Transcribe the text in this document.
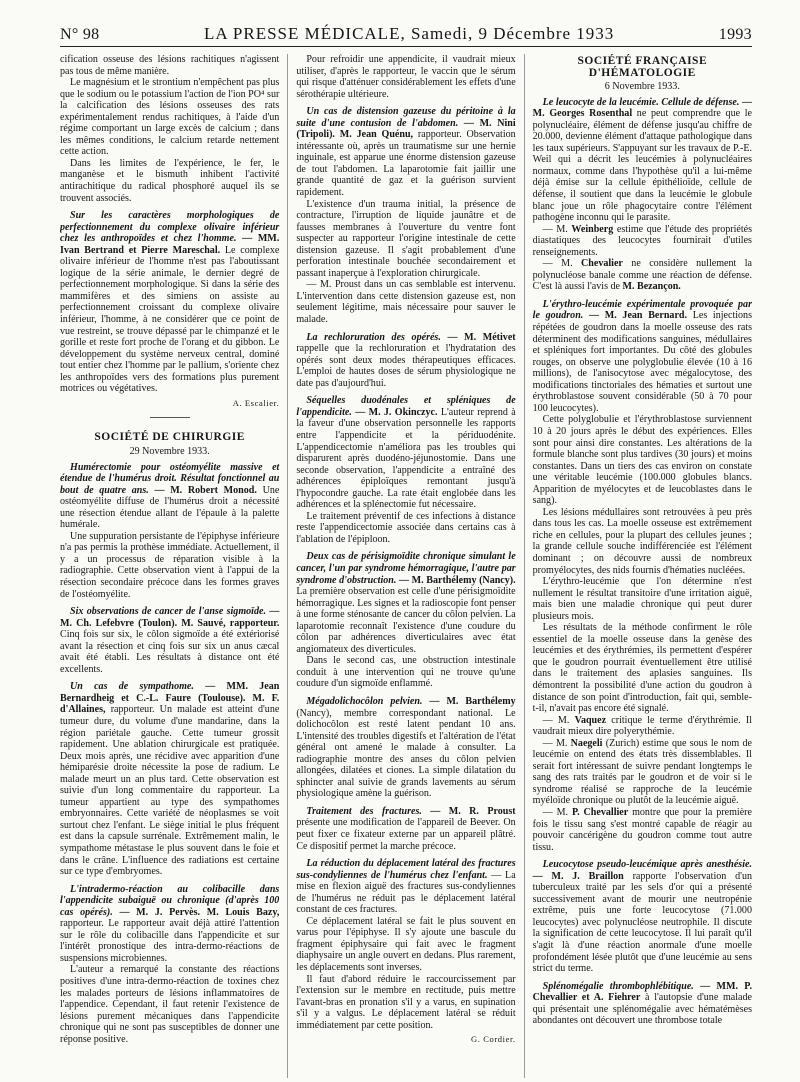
N° 98	LA PRESSE MÉDICALE, Samedi, 9 Décembre 1933	1993

cification osseuse des lésions rachitiques n'agissent pas tous de même manière.

Le magnésium et le strontium n'empêchent pas plus que le sodium ou le potassium l'action de l'ion PO⁴ sur la calcification des lésions osseuses des rats expérimentalement rendus rachitiques, à l'aide d'un régime comportant un large excès de calcium ; dans les mêmes conditions, le calcium retarde nettement cette action.

Dans les limites de l'expérience, le fer, le manganèse et le bismuth inhibent l'activité antirachitique du radical phosphoré auquel ils se trouvent associés.

Sur les caractères morphologiques de perfectionnement du complexe olivaire inférieur chez les anthropoïdes et chez l'homme. — MM. Ivan Bertrand et Pierre Mareschal. Le complexe olivaire inférieur de l'homme n'est pas l'aboutissant logique de la série animale, le dernier degré de perfectionnement morphologique. Si dans la série des mammifères et des simiens on assiste au perfectionnement croissant du complexe olivaire inférieur, l'homme, à ne considérer que ce point de vue restreint, se trouve dépassé par le chimpanzé et le gorille et reste fort proche de l'orang et du gibbon. Le développement du système nerveux central, dominé tout entier chez l'homme par le pallium, s'oriente chez les anthropoïdes vers des formations plus purement motrices ou végétatives.

A. Escalier.

SOCIÉTÉ DE CHIRURGIE

29 Novembre 1933.

Humérectomie pour ostéomyélite massive et étendue de l'humérus droit. Résultat fonctionnel au bout de quatre ans. — M. Robert Monod. Une ostéomyélite diffuse de l'humérus droit a nécessité une résection étendue allant de l'épaule à la palette humérale.

Une suppuration persistante de l'épiphyse inférieure n'a pas permis la prothèse immédiate. Actuellement, il y a un processus de réparation visible à la radiographie. Cette observation vient à l'appui de la résection secondaire précoce dans les formes graves de l'ostéomyélite.

Six observations de cancer de l'anse sigmoïde. — M. Ch. Lefebvre (Toulon). M. Sauvé, rapporteur. Cinq fois sur six, le côlon sigmoïde a été extériorisé avant la résection et cinq fois sur six un anus cæcal avait été établi. Les résultats à distance ont été excellents.

Un cas de sympathome. — MM. Jean Bernardheig et C.-L. Faure (Toulouse). M. F. d'Allaines, rapporteur. Un malade est atteint d'une tumeur dure, du volume d'une mandarine, dans la région pariétale gauche. Cette tumeur grossit rapidement. Une ablation chirurgicale est pratiquée. Deux mois après, une récidive avec apparition d'une hémiparésie droite nécessite la pose de radium. Le malade meurt un an plus tard. Cette observation est suivie d'un long commentaire du rapporteur. La tumeur appartient au type des sympathomes embryonnaires. Cette variété de néoplasmes se voit surtout chez l'enfant. Le siège initial le plus fréquent est dans la capsule surrénale. Extrêmement malin, le sympathome métastase le plus souvent dans le foie et dans le crâne. L'influence des radiations est certaine sur ce type d'embryomes.

L'intradermo-réaction au colibacille dans l'appendicite subaiguë ou chronique (d'après 100 cas opérés). — M. J. Pervès. M. Louis Bazy, rapporteur. Le rapporteur avait déjà attiré l'attention sur le rôle du colibacille dans l'appendicite et sur l'intérêt pronostique des intra-dermo-réactions de suspensions microbiennes.

L'auteur a remarqué la constante des réactions positives d'une intra-dermo-réaction de toxines chez les malades porteurs de lésions inflammatoires de l'appendice. Cependant, il faut retenir l'existence de lésions purement mécaniques dans l'appendicite chronique qui ne sont pas susceptibles de donner une réponse positive.

Pour refroidir une appendicite, il vaudrait mieux utiliser, d'après le rapporteur, le vaccin que le sérum qui risque d'atténuer considérablement les effets d'une sérothérapie ultérieure.

Un cas de distension gazeuse du péritoine à la suite d'une contusion de l'abdomen. — M. Nini (Tripoli). M. Jean Quénu, rapporteur. Observation intéressante où, après un traumatisme sur une hernie inguinale, est apparue une énorme distension gazeuse de tout l'abdomen. La laparotomie fait jaillir une grande quantité de gaz et la guérison survient rapidement.

L'existence d'un trauma initial, la présence de contracture, l'irruption de liquide jaunâtre et de fausses membranes à l'ouverture du ventre font suspecter au rapporteur l'origine intestinale de cette distension gazeuse. Il s'agit probablement d'une perforation intestinale bouchée secondairement et passant inaperçue à l'exploration chirurgicale.

— M. Proust dans un cas semblable est intervenu. L'intervention dans cette distension gazeuse est, non seulement légitime, mais nécessaire pour sauver le malade.

La rechloruration des opérés. — M. Métivet rappelle que la rechloruration et l'hydratation des opérés sont deux modes thérapeutiques efficaces. L'emploi de hautes doses de sérum physiologique ne date pas d'aujourd'hui.

Séquelles duodénales et spléniques de l'appendicite. — M. J. Okinczyc. L'auteur reprend à la faveur d'une observation personnelle les rapports entre l'appendicite et la périduodénite. L'appendicectomie n'améliora pas les troubles qui disparurent après duodéno-jéjunostomie. Dans une seconde observation, l'appendicite a entraîné des adhérences épiploïques remontant jusqu'à l'hypocondre gauche. La rate était englobée dans les adhérences et la splénectomie fut nécessaire.

Le traitement préventif de ces infections à distance reste l'appendicectomie associée dans certains cas à l'ablation de l'épiploon.

Deux cas de périsigmoïdite chronique simulant le cancer, l'un par syndrome hémorragique, l'autre par syndrome d'obstruction. — M. Barthélemy (Nancy). La première observation est celle d'une périsigmoïdite hémorragique. Les signes et la radioscopie font penser à une forme sténosante de cancer du côlon pelvien. La laparotomie reconnaît l'existence d'une coudure du côlon par adhérences diverticulaires avec état angiomateux des diverticules.

Dans le second cas, une obstruction intestinale conduit à une intervention qui ne trouve qu'une coudure d'un sigmoïde enflammé.

Mégadolichocôlon pelvien. — M. Barthélemy (Nancy), membre correspondant national. Le dolichocôlon est resté latent pendant 10 ans. L'intensité des troubles digestifs et l'altération de l'état général ont amené le malade à consulter. La radiographie montre des anses du côlon pelvien allongées, dilatées et ciones. La simple dilatation du sphincter anal suivie de grands lavements au sérum physiologique amène la guérison.

Traitement des fractures. — M. R. Proust présente une modification de l'appareil de Beever. On peut fixer ce fixateur externe par un appareil plâtré. Ce dispositif permet la marche précoce.

La réduction du déplacement latéral des fractures sus-condyliennes de l'humérus chez l'enfant. — La mise en flexion aiguë des fractures sus-condyliennes de l'humérus ne réduit pas le déplacement latéral constant de ces fractures.

Ce déplacement latéral se fait le plus souvent en varus pour l'épiphyse. Il s'y ajoute une bascule du fragment épiphysaire qui fait avec le fragment diaphysaire un angle ouvert en dedans. Plus rarement, les déplacements sont inverses.

Il faut d'abord réduire le raccourcissement par l'extension sur le membre en rectitude, puis mettre l'avant-bras en pronation s'il y a varus, en supination s'il y a valgus. Le déplacement latéral se réduit immédiatement par cette position.

G. Cordier.

SOCIÉTÉ FRANÇAISE D'HÉMATOLOGIE

6 Novembre 1933.

Le leucocyte de la leucémie. Cellule de défense. — M. Georges Rosenthal ne peut comprendre que le polynucléaire, élément de défense jusqu'au chiffre de 20.000, devienne élément d'attaque pathologique dans les taux supérieurs. S'appuyant sur les travaux de P.-E. Weil qui a décrit les leucémies à polynucléaires normaux, comme dans l'hypothèse qu'il a lui-même déjà émise sur la cellule épithélioïde, cellule de défense, il soutient que dans la leucémie le globule blanc joue un rôle phagocytaire contre l'élément pathogène inconnu qui le parasite.

— M. Weinberg estime que l'étude des propriétés diastatiques des leucocytes fournirait d'utiles renseignements.

— M. Chevalier ne considère nullement la polynucléose banale comme une réaction de défense. C'est là aussi l'avis de M. Bezançon.

L'érythro-leucémie expérimentale provoquée par le goudron. — M. Jean Bernard. Les injections répétées de goudron dans la moelle osseuse des rats déterminent des modifications sanguines, médullaires et spléniques fort importantes. Du côté des globules rouges, on observe une polyglobulie élevée (10 à 16 millions), de l'anisocytose avec mégalocytose, des modifications tinctoriales des hématies et surtout une érythroblastose souvent considérable (50 à 70 pour 100 leucocytes).

Cette polyglobulie et l'érythroblastose surviennent 10 à 20 jours après le début des expériences. Elles sont pour ainsi dire constantes. Les altérations de la formule blanche sont plus tardives (30 jours) et moins constantes. Dans un tiers des cas environ on constate une véritable leucémie (100.000 globules blancs. Apparition de myélocytes et de leucoblastes dans le sang).

Les lésions médullaires sont retrouvées à peu près dans tous les cas. La moelle osseuse est extrêmement riche en cellules, pour la plupart des cellules jeunes ; la grande cellule souche indifférenciée est l'élément dominant ; on découvre aussi de nombreux promyélocytes, des nids fournis d'hématies nucléées.

L'érythro-leucémie que l'on détermine n'est nullement le résultat transitoire d'une irritation aiguë, mais bien une maladie chronique qui peut durer plusieurs mois.

Les résultats de la méthode confirment le rôle essentiel de la moelle osseuse dans la genèse des leucémies et des érythrémies, ils permettent d'espérer que le goudron pourrait éventuellement être utilisé dans le traitement des aplasies sanguines. Ils démontrent la possibilité d'une action du goudron à distance de son point d'introduction, fait qui, semble-t-il, n'avait pas encore été signalé.

— M. Vaquez critique le terme d'érythrémie. Il vaudrait mieux dire polyerythémie.

— M. Naegeli (Zurich) estime que sous le nom de leucémie on entend des états très dissemblables. Il serait fort intéressant de suivre pendant longtemps le sang des rats traités par le goudron et de voir si le syndrome réalisé se rapproche de la leucémie myéloïde chronique ou plutôt de la leucémie aiguë.

— M. P. Chevallier montre que pour la première fois le tissu sang s'est montré capable de réagir au pouvoir cancérigène du goudron comme tout autre tissu.

Leucocytose pseudo-leucémique après anesthésie. — M. J. Braillon rapporte l'observation d'un tuberculeux traité par les sels d'or qui a présenté successivement avant de mourir une neutropénie extrême, puis une forte leucocytose (71.000 leucocytes) avec polynucléose neutrophile. Il discute la signification de cette leucocytose. Il lui paraît qu'il s'agit là d'une réaction anormale d'une moelle profondément lésée plutôt que d'une leucémie au sens strict du terme.

Splénomégalie thrombophlébitique. — MM. P. Chevallier et A. Fiehrer à l'autopsie d'une malade qui présentait une splénomégalie avec hématémèses abondantes ont découvert une thrombose totale
